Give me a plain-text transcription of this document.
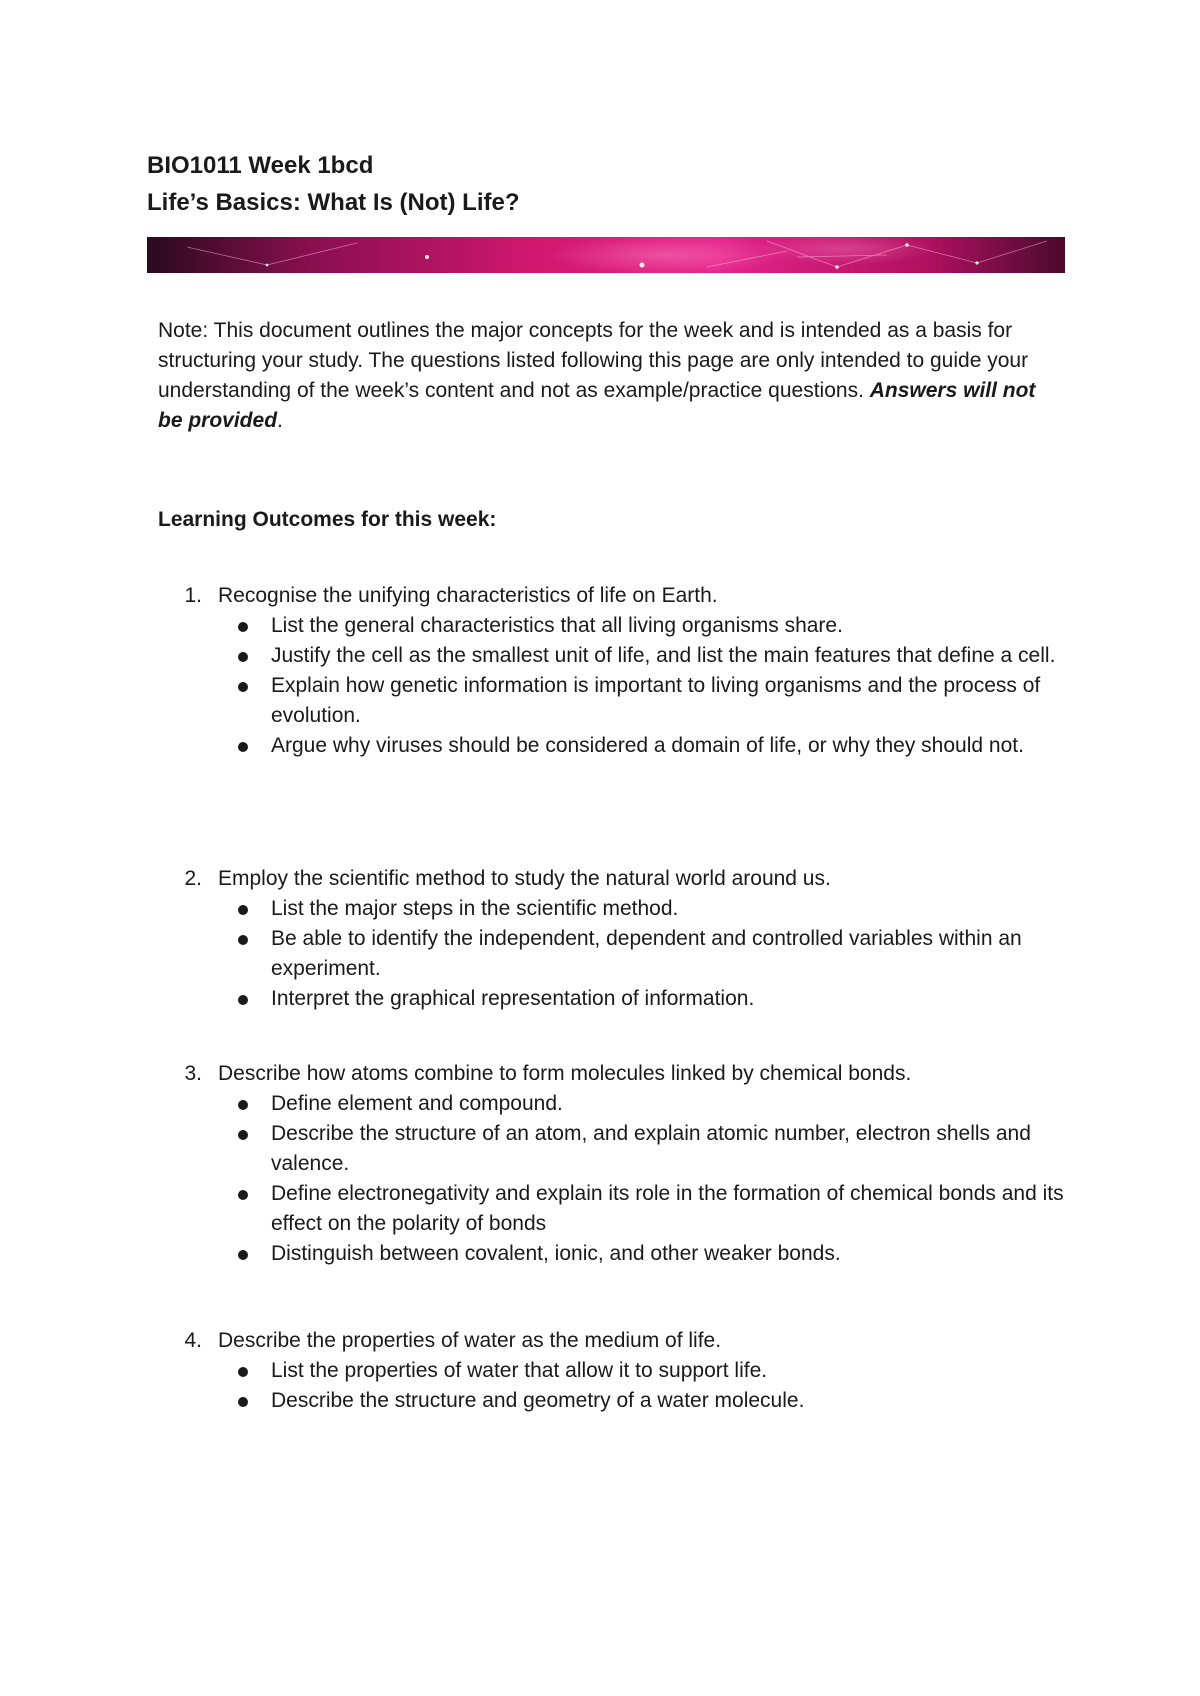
BIO1011 Week 1bcd
Life’s Basics: What Is (Not) Life?

Note: This document outlines the major concepts for the week and is intended as a basis for structuring your study. The questions listed following this page are only intended to guide your understanding of the week’s content and not as example/practice questions. Answers will not be provided.

Learning Outcomes for this week:
1. Recognise the unifying characteristics of life on Earth.
List the general characteristics that all living organisms share.
Justify the cell as the smallest unit of life, and list the main features that define a cell.
Explain how genetic information is important to living organisms and the process of evolution.
Argue why viruses should be considered a domain of life, or why they should not.
2. Employ the scientific method to study the natural world around us.
List the major steps in the scientific method.
Be able to identify the independent, dependent and controlled variables within an experiment.
Interpret the graphical representation of information.
3. Describe how atoms combine to form molecules linked by chemical bonds.
Define element and compound.
Describe the structure of an atom, and explain atomic number, electron shells and valence.
Define electronegativity and explain its role in the formation of chemical bonds and its effect on the polarity of bonds
Distinguish between covalent, ionic, and other weaker bonds.
4. Describe the properties of water as the medium of life.
List the properties of water that allow it to support life.
Describe the structure and geometry of a water molecule.
